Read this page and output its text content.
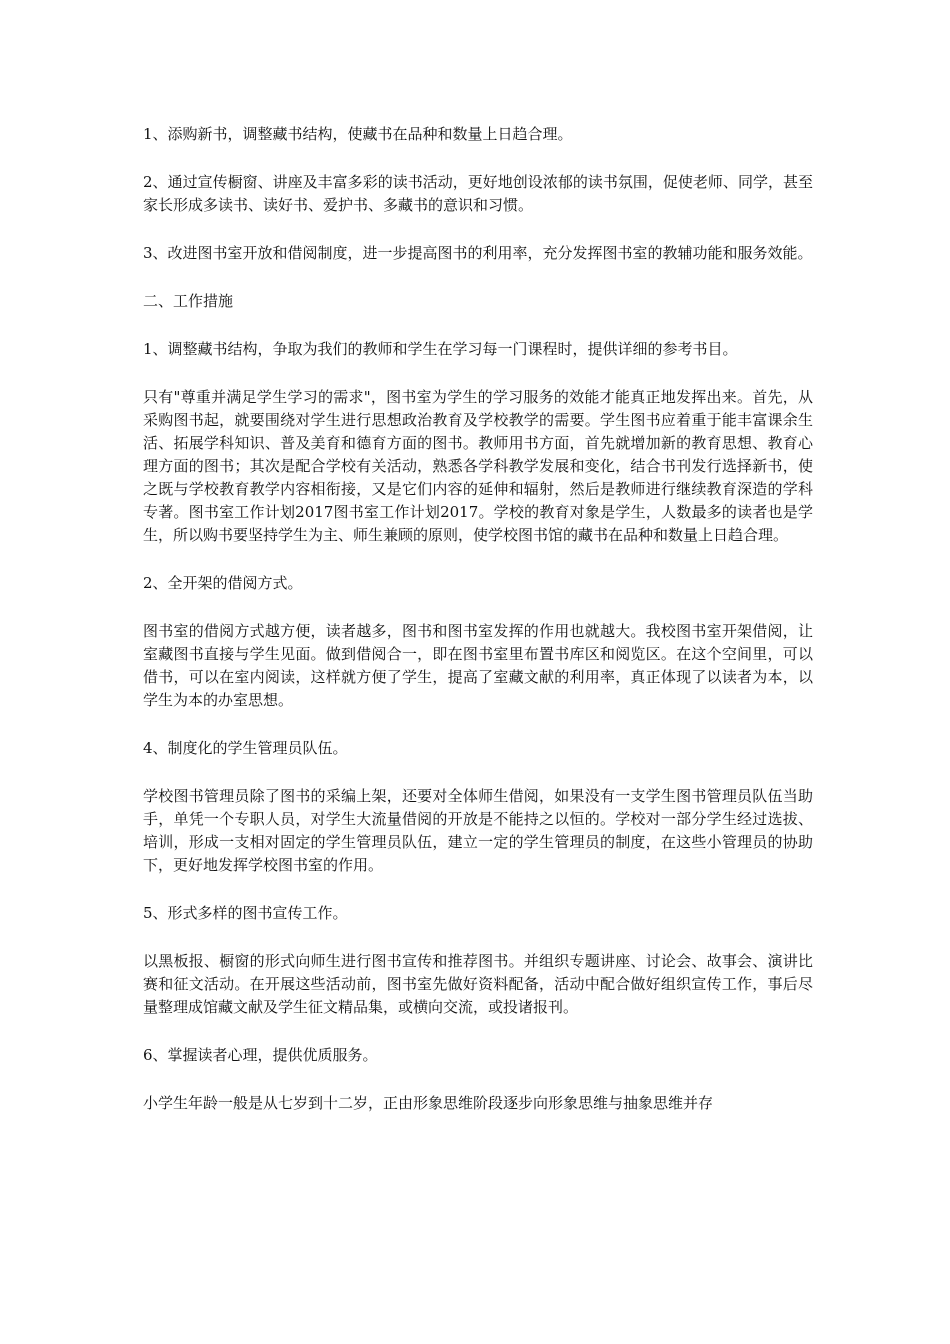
1、添购新书，调整藏书结构，使藏书在品种和数量上日趋合理。

2、通过宣传橱窗、讲座及丰富多彩的读书活动，更好地创设浓郁的读书氛围，促使老师、同学，甚至家长形成多读书、读好书、爱护书、多藏书的意识和习惯。

3、改进图书室开放和借阅制度，进一步提高图书的利用率，充分发挥图书室的教辅功能和服务效能。

二、工作措施

1、调整藏书结构，争取为我们的教师和学生在学习每一门课程时，提供详细的参考书目。

只有"尊重并满足学生学习的需求"，图书室为学生的学习服务的效能才能真正地发挥出来。首先，从采购图书起，就要围绕对学生进行思想政治教育及学校教学的需要。学生图书应着重于能丰富课余生活、拓展学科知识、普及美育和德育方面的图书。教师用书方面，首先就增加新的教育思想、教育心理方面的图书；其次是配合学校有关活动，熟悉各学科教学发展和变化，结合书刊发行选择新书，使之既与学校教育教学内容相衔接，又是它们内容的延伸和辐射，然后是教师进行继续教育深造的学科专著。图书室工作计划2017图书室工作计划2017。学校的教育对象是学生，人数最多的读者也是学生，所以购书要坚持学生为主、师生兼顾的原则，使学校图书馆的藏书在品种和数量上日趋合理。

2、全开架的借阅方式。

图书室的借阅方式越方便，读者越多，图书和图书室发挥的作用也就越大。我校图书室开架借阅，让室藏图书直接与学生见面。做到借阅合一，即在图书室里布置书库区和阅览区。在这个空间里，可以借书，可以在室内阅读，这样就方便了学生，提高了室藏文献的利用率，真正体现了以读者为本，以学生为本的办室思想。

4、制度化的学生管理员队伍。

学校图书管理员除了图书的采编上架，还要对全体师生借阅，如果没有一支学生图书管理员队伍当助手，单凭一个专职人员，对学生大流量借阅的开放是不能持之以恒的。学校对一部分学生经过选拔、培训，形成一支相对固定的学生管理员队伍，建立一定的学生管理员的制度，在这些小管理员的协助下，更好地发挥学校图书室的作用。

5、形式多样的图书宣传工作。

以黑板报、橱窗的形式向师生进行图书宣传和推荐图书。并组织专题讲座、讨论会、故事会、演讲比赛和征文活动。在开展这些活动前，图书室先做好资料配备，活动中配合做好组织宣传工作，事后尽量整理成馆藏文献及学生征文精品集，或横向交流，或投诸报刊。

6、掌握读者心理，提供优质服务。

小学生年龄一般是从七岁到十二岁，正由形象思维阶段逐步向形象思维与抽象思维并存
